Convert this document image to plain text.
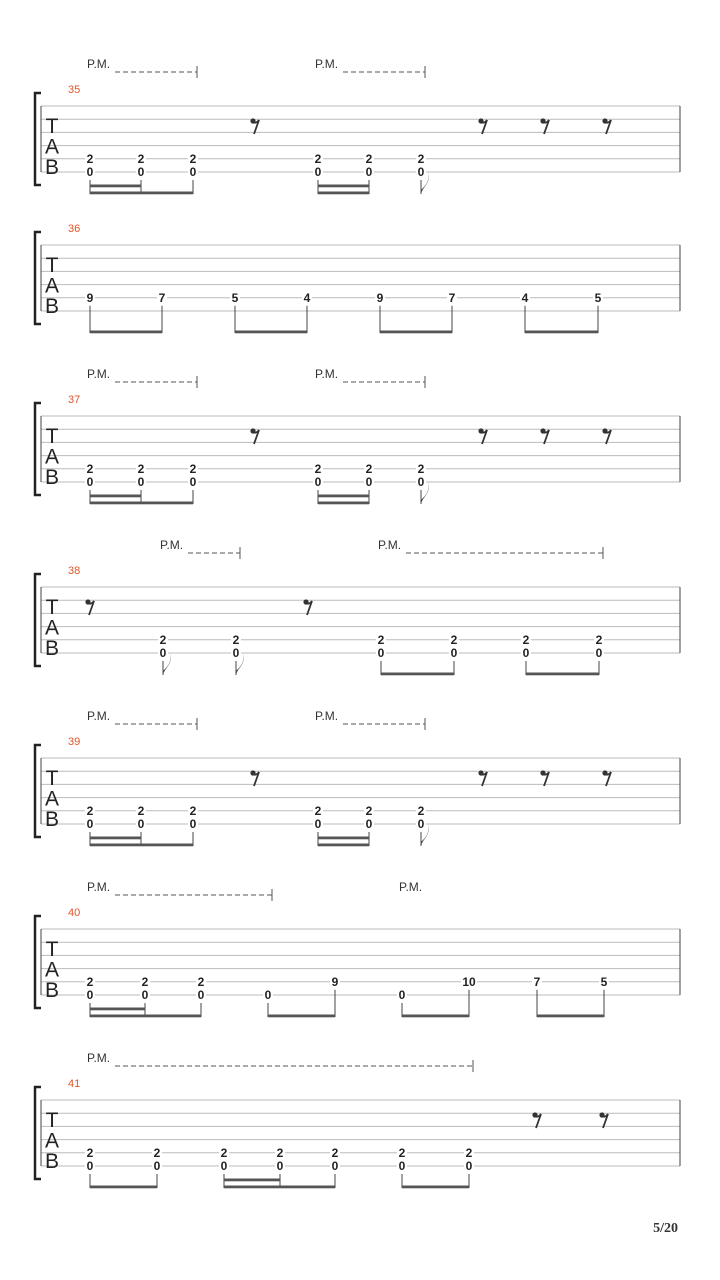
P.M.	P.M.
35
T
A
B 2
0
2
0
2
0
2
0
2
0
2
0
36
T
A
B 9	7	5	4	9	7	4	5
P.M.	P.M.
37
T
A
B 2
0
2
0
2
0
2
0
2
0
2
0
P.M.	P.M.
38
T
A
B	2
0
2
0
2
0
2
0
2
0
2
0
P.M.	P.M.
39
T
A
B 2
0
2
0
2
0
2
0
2
0
2
0
P.M.	P.M.
40
T
A
B 2
0
2
0
2
0	0
9
0
10	7	5
P.M.
41
T
A
B 2
0
2
0
2
0
2
0
2
0
2
0
2
0
5/20
